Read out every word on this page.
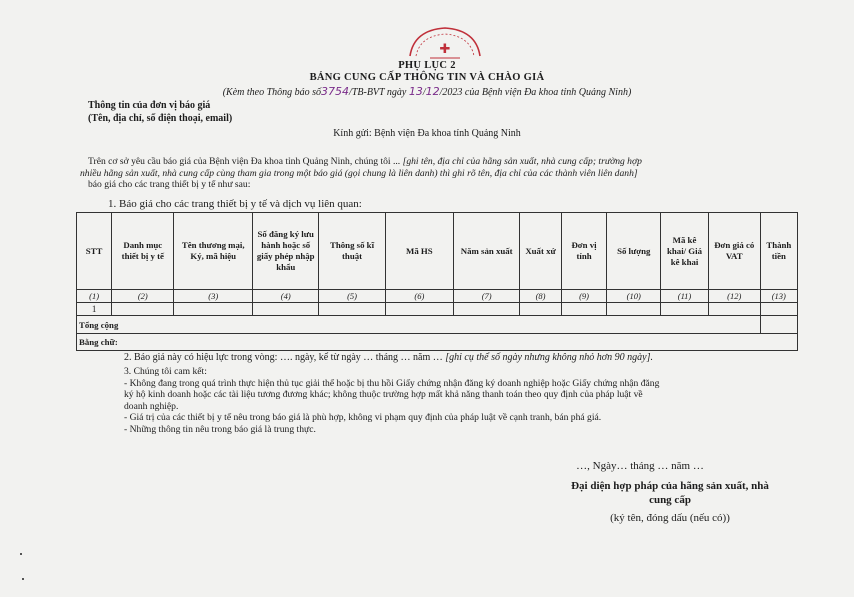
✚
PHỤ LỤC 2
BẢNG CUNG CẤP THÔNG TIN VÀ CHÀO GIÁ
(Kèm theo Thông báo số3754/TB-BVT ngày 13/12/2023 của Bệnh viện Đa khoa tỉnh Quảng Ninh)
Thông tin của đơn vị báo giá
(Tên, địa chỉ, số điện thoại, email)
Kính gửi: Bệnh viện Đa khoa tỉnh Quảng Ninh
Trên cơ sở yêu cầu báo giá của Bệnh viện Đa khoa tỉnh Quảng Ninh, chúng tôi ... [ghi tên, địa chỉ của hãng sản xuất, nhà cung cấp; trường hợp
nhiều hãng sản xuất, nhà cung cấp cùng tham gia trong một báo giá (gọi chung là liên danh) thì ghi rõ tên, địa chỉ của các thành viên liên danh]
báo giá cho các trang thiết bị y tế như sau:
1. Báo giá cho các trang thiết bị y tế và dịch vụ liên quan:
STT	Danh mục thiết bị y tế	Tên thương mại, Ký, mã hiệu	Số đăng ký lưu hành hoặc số giấy phép nhập khẩu	Thông số kĩ thuật	Mã HS	Năm sản xuất	Xuất xứ	Đơn vị tính	Số lượng	Mã kê khai/ Giá kê khai	Đơn giá có VAT	Thành tiền
(1)	(2)	(3)	(4)	(5)	(6)	(7)	(8)	(9)	(10)	(11)	(12)	(13)
1												
Tổng cộng												
Bằng chữ:												
2. Báo giá này có hiệu lực trong vòng: …. ngày, kể từ ngày … tháng … năm … [ghi cụ thể số ngày nhưng không nhỏ hơn 90 ngày].
3. Chúng tôi cam kết:
- Không đang trong quá trình thực hiện thủ tục giải thể hoặc bị thu hồi Giấy chứng nhận đăng ký doanh nghiệp hoặc Giấy chứng nhận đăng
ký hộ kinh doanh hoặc các tài liệu tương đương khác; không thuộc trường hợp mất khả năng thanh toán theo quy định của pháp luật về
doanh nghiệp.
- Giá trị của các thiết bị y tế nêu trong báo giá là phù hợp, không vi phạm quy định của pháp luật về cạnh tranh, bán phá giá.
- Những thông tin nêu trong báo giá là trung thực.
…, Ngày… tháng … năm …
Đại diện hợp pháp của hãng sản xuất, nhà
cung cấp
(ký tên, đóng dấu (nếu có))
